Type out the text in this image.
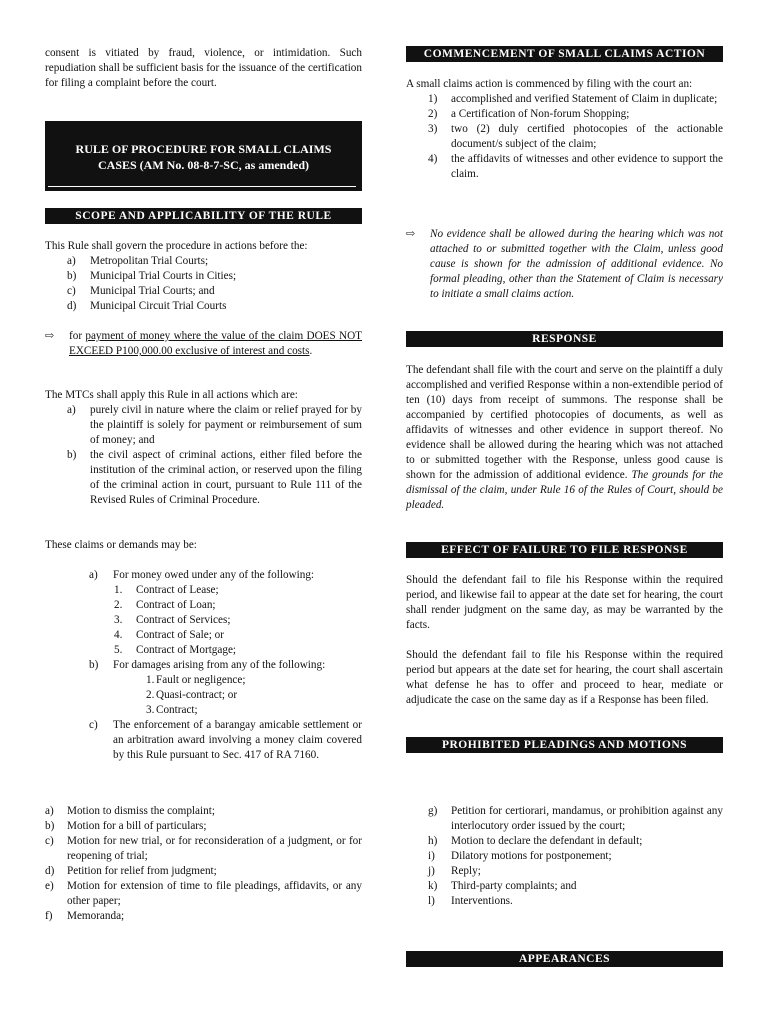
consent is vitiated by fraud, violence, or intimidation. Such repudiation shall be sufficient basis for the issuance of the certification for filing a complaint before the court.

RULE OF PROCEDURE FOR SMALL CLAIMS CASES (AM No. 08-8-7-SC, as amended)
SCOPE AND APPLICABILITY OF THE RULE

This Rule shall govern the procedure in actions before the:

a) Metropolitan Trial Courts;
b) Municipal Trial Courts in Cities;
c) Municipal Trial Courts; and
d) Municipal Circuit Trial Courts
⇨ for payment of money where the value of the claim DOES NOT EXCEED P100,000.00 exclusive of interest and costs.

The MTCs shall apply this Rule in all actions which are:

a) purely civil in nature where the claim or relief prayed for by the plaintiff is solely for payment or reimbursement of sum of money; and
b) the civil aspect of criminal actions, either filed before the institution of the criminal action, or reserved upon the filing of the criminal action in court, pursuant to Rule 111 of the Revised Rules of Criminal Procedure.

These claims or demands may be:

a) For money owed under any of the following:
1. Contract of Lease;
2. Contract of Loan;
3. Contract of Services;
4. Contract of Sale; or
5. Contract of Mortgage;
b) For damages arising from any of the following:
1. Fault or negligence;
2. Quasi-contract; or
3. Contract;
c) The enforcement of a barangay amicable settlement or an arbitration award involving a money claim covered by this Rule pursuant to Sec. 417 of RA 7160.
a) Motion to dismiss the complaint;
b) Motion for a bill of particulars;
c) Motion for new trial, or for reconsideration of a judgment, or for reopening of trial;
d) Petition for relief from judgment;
e) Motion for extension of time to file pleadings, affidavits, or any other paper;
f) Memoranda;
COMMENCEMENT OF SMALL CLAIMS ACTION

A small claims action is commenced by filing with the court an:

1) accomplished and verified Statement of Claim in duplicate;
2) a Certification of Non-forum Shopping;
3) two (2) duly certified photocopies of the actionable document/s subject of the claim;
4) the affidavits of witnesses and other evidence to support the claim.
⇨ No evidence shall be allowed during the hearing which was not attached to or submitted together with the Claim, unless good cause is shown for the admission of additional evidence. No formal pleading, other than the Statement of Claim is necessary to initiate a small claims action.

RESPONSE

The defendant shall file with the court and serve on the plaintiff a duly accomplished and verified Response within a non-extendible period of ten (10) days from receipt of summons. The response shall be accompanied by certified photocopies of documents, as well as affidavits of witnesses and other evidence in support thereof. No evidence shall be allowed during the hearing which was not attached to or submitted together with the Response, unless good cause is shown for the admission of additional evidence. The grounds for the dismissal of the claim, under Rule 16 of the Rules of Court, should be pleaded.

EFFECT OF FAILURE TO FILE RESPONSE

Should the defendant fail to file his Response within the required period, and likewise fail to appear at the date set for hearing, the court shall render judgment on the same day, as may be warranted by the facts.

Should the defendant fail to file his Response within the required period but appears at the date set for hearing, the court shall ascertain what defense he has to offer and proceed to hear, mediate or adjudicate the case on the same day as if a Response has been filed.

PROHIBITED PLEADINGS AND MOTIONS
g) Petition for certiorari, mandamus, or prohibition against any interlocutory order issued by the court;
h) Motion to declare the defendant in default;
i) Dilatory motions for postponement;
j) Reply;
k) Third-party complaints; and
l) Interventions.
APPEARANCES
